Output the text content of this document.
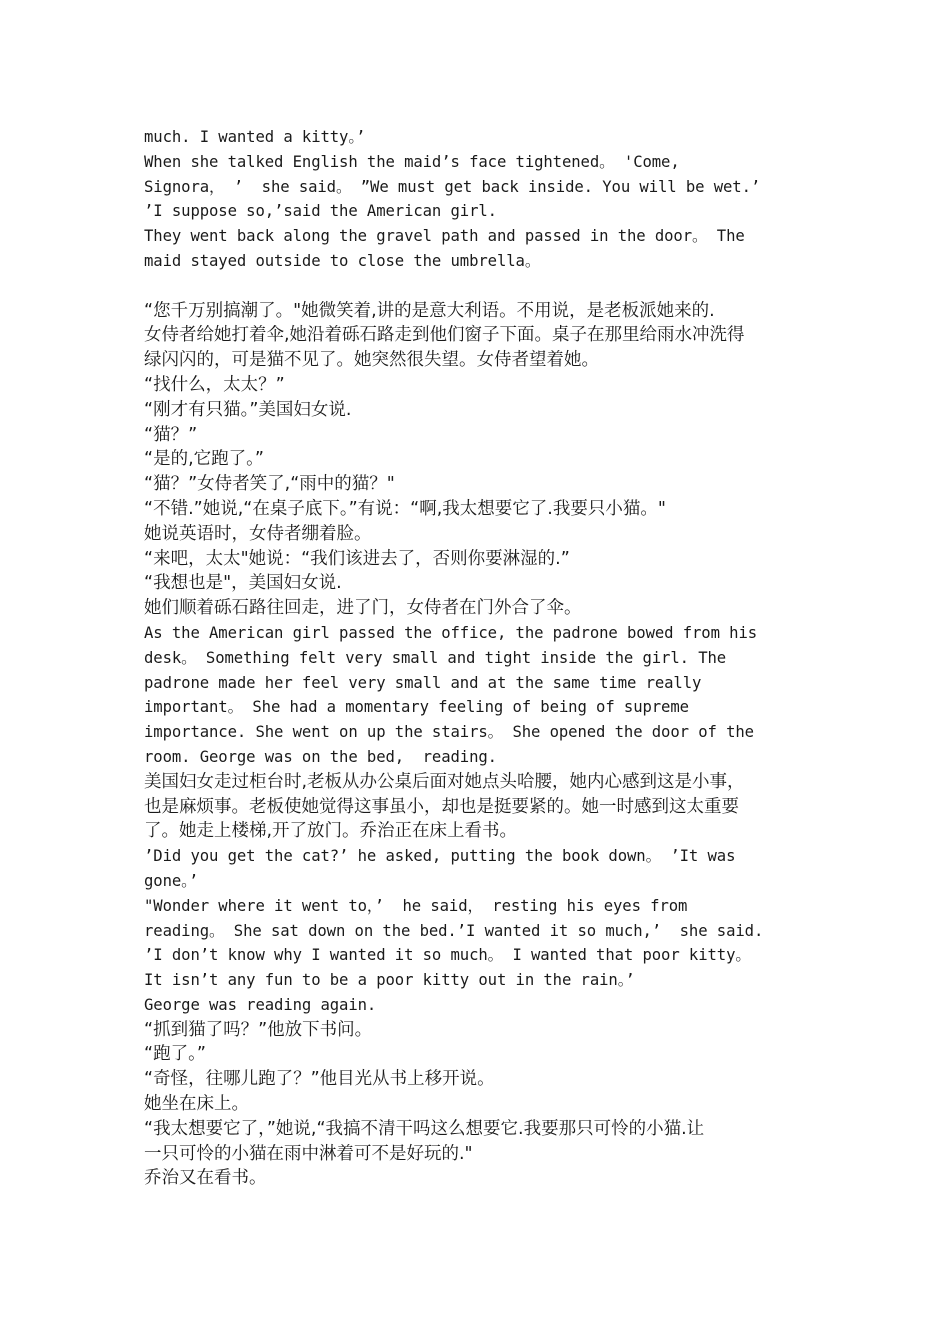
much. I wanted a kitty。’
When she talked English the maid’s face tightened。 'Come,
Signora， ’  she said。 ”We must get back inside. You will be wet.’
’I suppose so,’said the American girl.
They went back along the gravel path and passed in the door。 The
maid stayed outside to close the umbrella。
“您千万别搞潮了。"她微笑着,讲的是意大利语。不用说，是老板派她来的.
女侍者给她打着伞,她沿着砾石路走到他们窗子下面。桌子在那里给雨水冲洗得
绿闪闪的，可是猫不见了。她突然很失望。女侍者望着她。
“找什么，太太？”
“刚才有只猫。”美国妇女说.
“猫？”
“是的,它跑了。”
“猫？”女侍者笑了,“雨中的猫？"
“不错.”她说,“在桌子底下。”有说：“啊,我太想要它了.我要只小猫。"
她说英语时，女侍者绷着脸。
“来吧，太太"她说：“我们该进去了，否则你要淋湿的.”
“我想也是"，美国妇女说.
她们顺着砾石路往回走，进了门，女侍者在门外合了伞。
As the American girl passed the office, the padrone bowed from his
desk。 Something felt very small and tight inside the girl. The
padrone made her feel very small and at the same time really
important。 She had a momentary feeling of being of supreme
importance. She went on up the stairs。 She opened the door of the
room. George was on the bed,  reading.
美国妇女走过柜台时,老板从办公桌后面对她点头哈腰，她内心感到这是小事，
也是麻烦事。老板使她觉得这事虽小，却也是挺要紧的。她一时感到这太重要
了。她走上楼梯,开了放门。乔治正在床上看书。
’Did you get the cat?’ he asked, putting the book down。 ’It was
gone。’
"Wonder where it went to，’  he said， resting his eyes from
reading。 She sat down on the bed.’I wanted it so much,’  she said.
’I don’t know why I wanted it so much。 I wanted that poor kitty。
It isn’t any fun to be a poor kitty out in the rain。’
George was reading again.
“抓到猫了吗？”他放下书问。
“跑了。”
“奇怪，往哪儿跑了？”他目光从书上移开说。
她坐在床上。
“我太想要它了，”她说,“我搞不清干吗这么想要它.我要那只可怜的小猫.让
一只可怜的小猫在雨中淋着可不是好玩的."
乔治又在看书。
